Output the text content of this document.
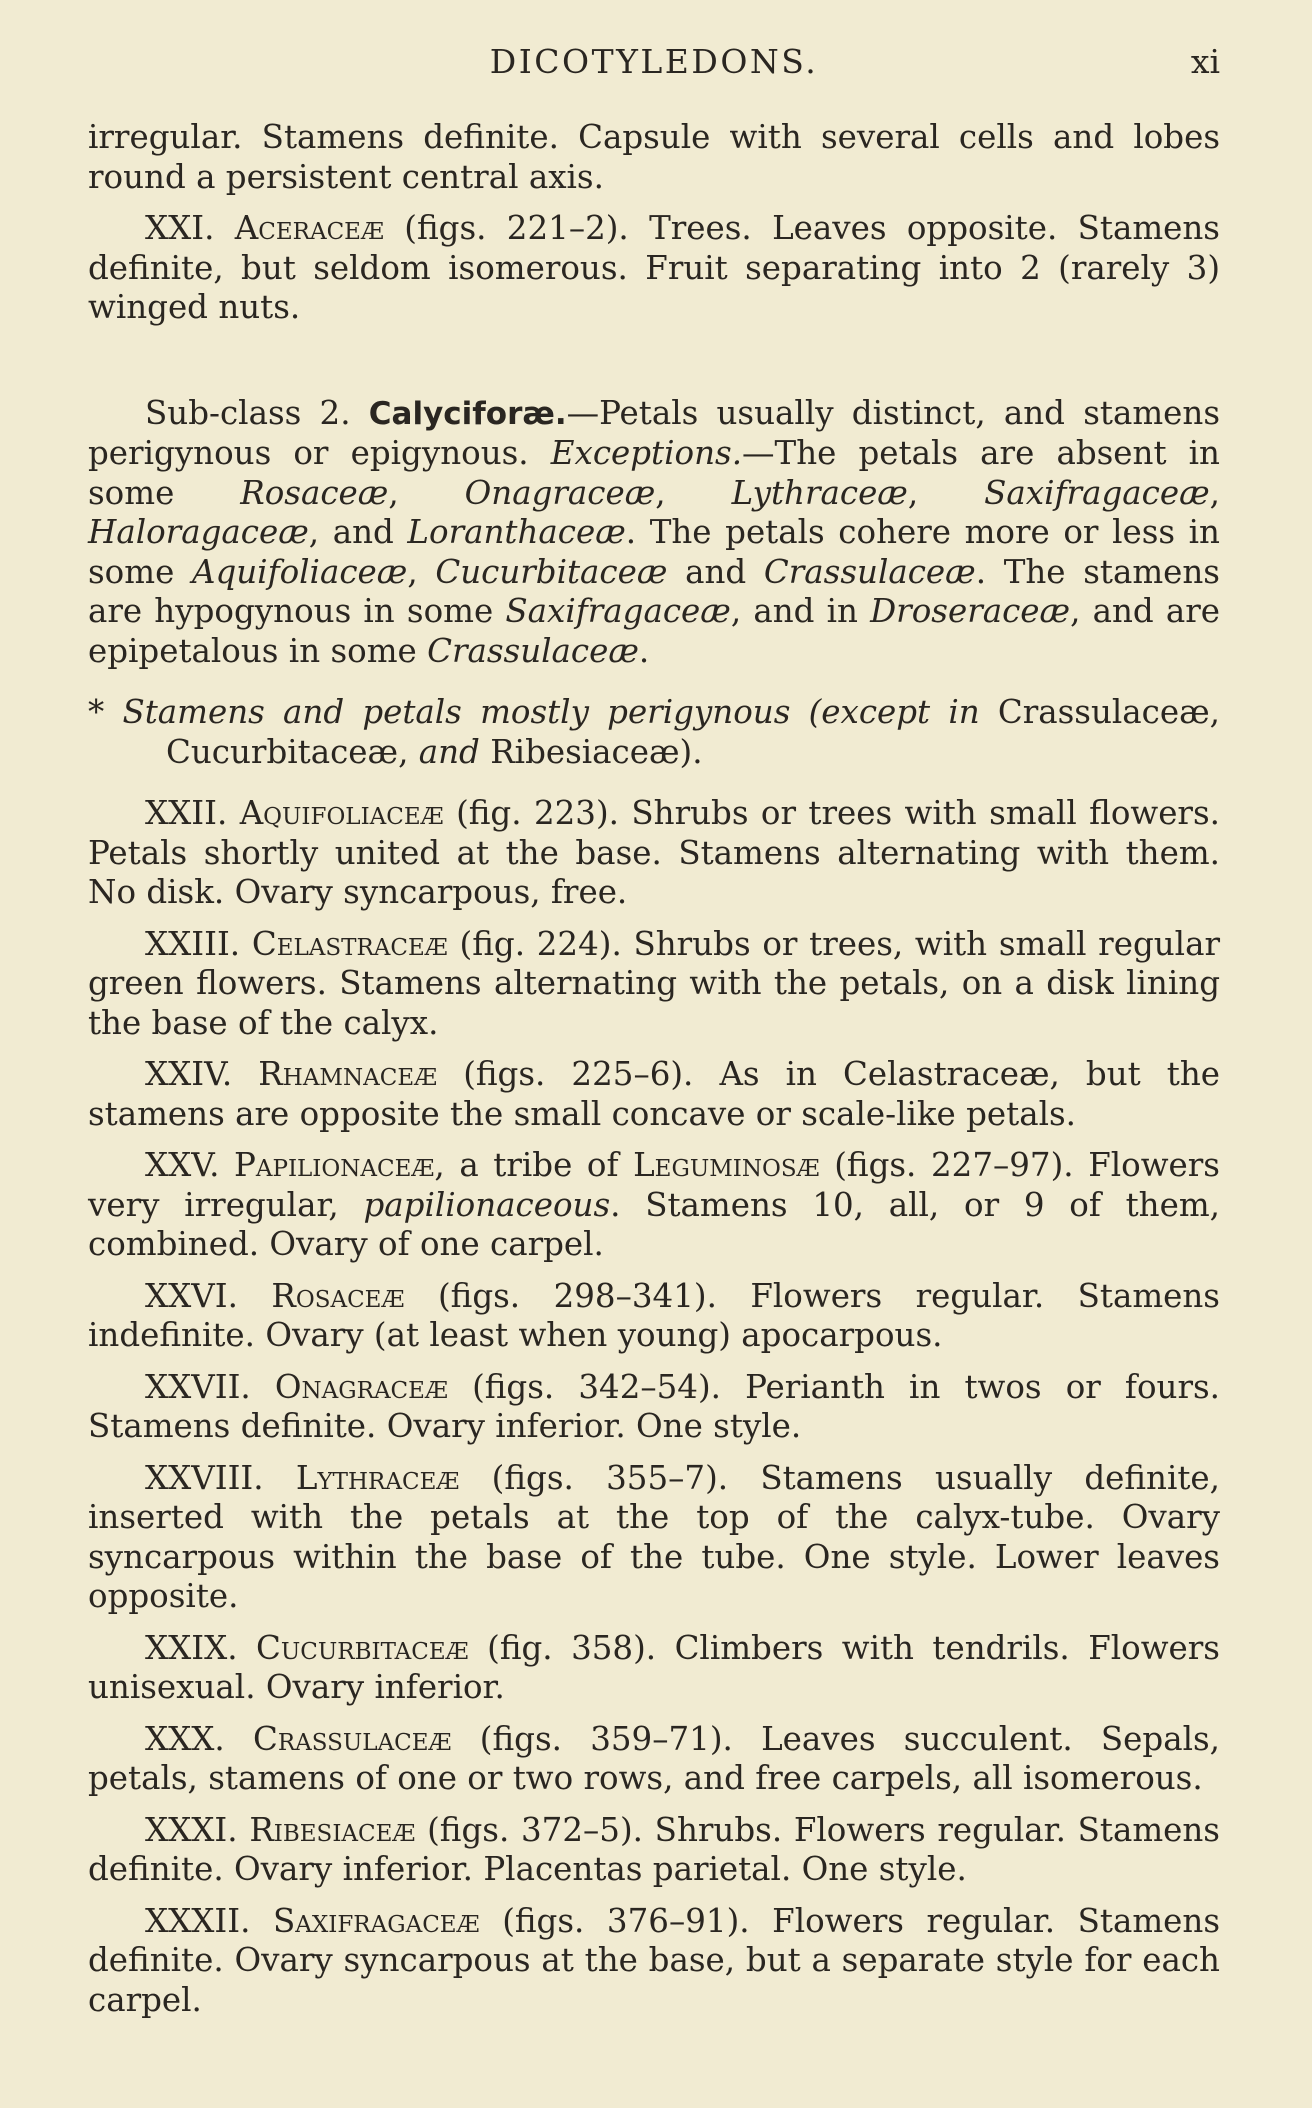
DICOTYLEDONS.	xi

irregular. Stamens definite. Capsule with several cells and lobes round a persistent central axis.

XXI. Aceraceæ (figs. 221–2). Trees. Leaves opposite. Stamens definite, but seldom isomerous. Fruit separating into 2 (rarely 3) winged nuts.

Sub-class 2. Calyciforæ.—Petals usually distinct, and stamens perigynous or epigynous. Exceptions.—The petals are absent in some Rosaceæ, Onagraceæ, Lythraceæ, Saxifragaceæ, Haloragaceæ, and Loranthaceæ. The petals cohere more or less in some Aquifoliaceæ, Cucurbitaceæ and Crassulaceæ. The stamens are hypogynous in some Saxifragaceæ, and in Droseraceæ, and are epipetalous in some Crassulaceæ.

* Stamens and petals mostly perigynous (except in Crassulaceæ, Cucurbitaceæ, and Ribesiaceæ).

XXII. Aquifoliaceæ (fig. 223). Shrubs or trees with small flowers. Petals shortly united at the base. Stamens alternating with them. No disk. Ovary syncarpous, free.

XXIII. Celastraceæ (fig. 224). Shrubs or trees, with small regular green flowers. Stamens alternating with the petals, on a disk lining the base of the calyx.

XXIV. Rhamnaceæ (figs. 225–6). As in Celastraceæ, but the stamens are opposite the small concave or scale-like petals.

XXV. Papilionaceæ, a tribe of Leguminosæ (figs. 227–97). Flowers very irregular, papilionaceous. Stamens 10, all, or 9 of them, combined. Ovary of one carpel.

XXVI. Rosaceæ (figs. 298–341). Flowers regular. Stamens indefinite. Ovary (at least when young) apocarpous.

XXVII. Onagraceæ (figs. 342–54). Perianth in twos or fours. Stamens definite. Ovary inferior. One style.

XXVIII. Lythraceæ (figs. 355–7). Stamens usually definite, inserted with the petals at the top of the calyx-tube. Ovary syncarpous within the base of the tube. One style. Lower leaves opposite.

XXIX. Cucurbitaceæ (fig. 358). Climbers with tendrils. Flowers unisexual. Ovary inferior.

XXX. Crassulaceæ (figs. 359–71). Leaves succulent. Sepals, petals, stamens of one or two rows, and free carpels, all isomerous.

XXXI. Ribesiaceæ (figs. 372–5). Shrubs. Flowers regular. Stamens definite. Ovary inferior. Placentas parietal. One style.

XXXII. Saxifragaceæ (figs. 376–91). Flowers regular. Stamens definite. Ovary syncarpous at the base, but a separate style for each carpel.
